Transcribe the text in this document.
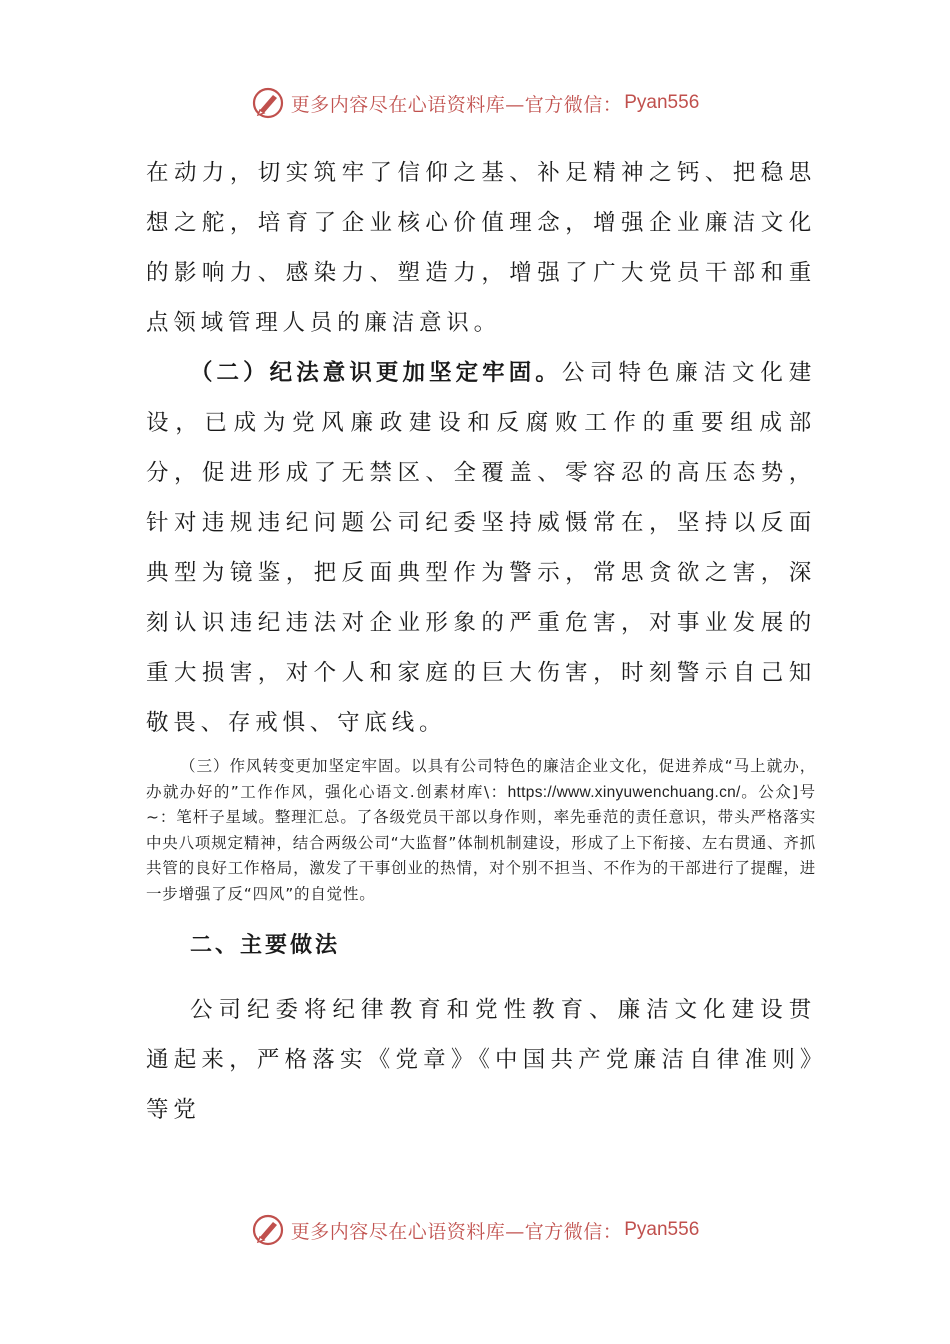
更多内容尽在心语资料库—官方微信： Pyan556

在动力，切实筑牢了信仰之基、补足精神之钙、把稳思想之舵，培育了企业核心价值理念，增强企业廉洁文化的影响力、感染力、塑造力，增强了广大党员干部和重点领域管理人员的廉洁意识。

（二）纪法意识更加坚定牢固。公司特色廉洁文化建设，已成为党风廉政建设和反腐败工作的重要组成部分，促进形成了无禁区、全覆盖、零容忍的高压态势，针对违规违纪问题公司纪委坚持威慑常在，坚持以反面典型为镜鉴，把反面典型作为警示，常思贪欲之害，深刻认识违纪违法对企业形象的严重危害，对事业发展的重大损害，对个人和家庭的巨大伤害，时刻警示自己知敬畏、存戒惧、守底线。

（三）作风转变更加坚定牢固。以具有公司特色的廉洁企业文化，促进养成“马上就办，办就办好的”工作作风，强化心语文.创素材库\：https://www.xinyuwenchuang.cn/。公众]号~：笔杆子星域。整理汇总。了各级党员干部以身作则，率先垂范的责任意识，带头严格落实中央八项规定精神，结合两级公司“大监督”体制机制建设，形成了上下衔接、左右贯通、齐抓共管的良好工作格局，激发了干事创业的热情，对个别不担当、不作为的干部进行了提醒，进一步增强了反“四风”的自觉性。

二、主要做法

公司纪委将纪律教育和党性教育、廉洁文化建设贯通起来，严格落实《党章》《中国共产党廉洁自律准则》等党

更多内容尽在心语资料库—官方微信： Pyan556
